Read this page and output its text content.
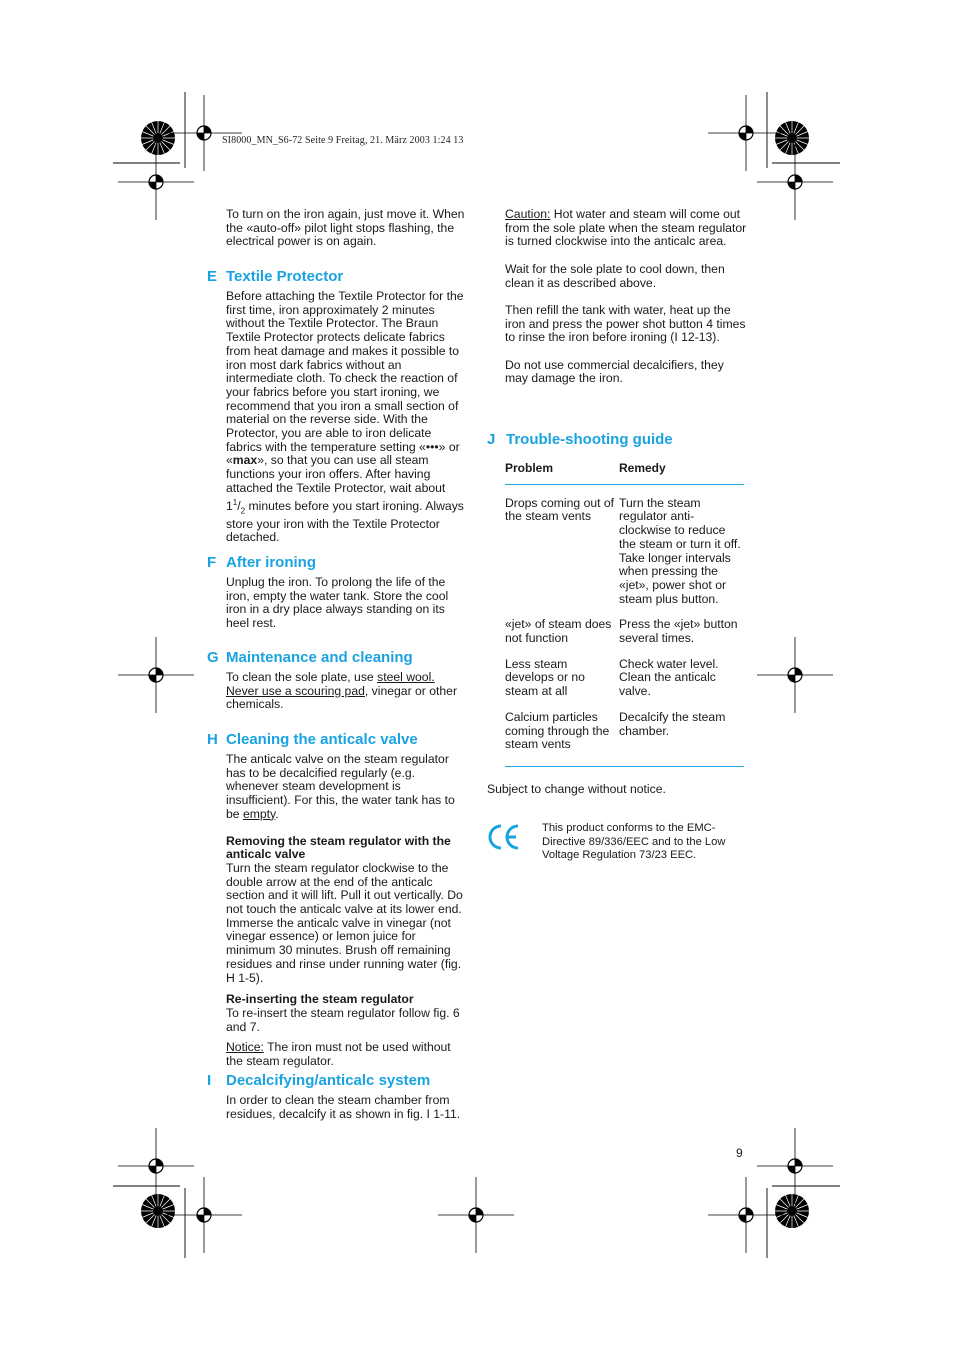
SI8000_MN_S6-72 Seite 9 Freitag, 21. März 2003 1:24 13

To turn on the iron again, just move it. When the «auto-off» pilot light stops flashing, the electrical power is on again.

E Textile Protector

Before attaching the Textile Protector for the first time, iron approximately 2 minutes without the Textile Protector. The Braun Textile Protector protects delicate fabrics from heat damage and makes it possible to iron most dark fabrics without an intermediate cloth. To check the reaction of your fabrics before you start ironing, we recommend that you iron a small section of material on the reverse side. With the Protector, you are able to iron delicate fabrics with the temperature setting «•••» or «max», so that you can use all steam functions your iron offers. After having attached the Textile Protector, wait about $1^1/_2$ minutes before you start ironing. Always store your iron with the Textile Protector detached.

F After ironing

Unplug the iron. To prolong the life of the iron, empty the water tank. Store the cool iron in a dry place always standing on its heel rest.

G Maintenance and cleaning

To clean the sole plate, use steel wool. Never use a scouring pad, vinegar or other chemicals.

H Cleaning the anticalc valve

The anticalc valve on the steam regulator has to be decalcified regularly (e.g. whenever steam development is insufficient). For this, the water tank has to be empty.

Removing the steam regulator with the anticalc valve

Turn the steam regulator clockwise to the double arrow at the end of the anticalc section and it will lift. Pull it out vertically. Do not touch the anticalc valve at its lower end. Immerse the anticalc valve in vinegar (not vinegar essence) or lemon juice for minimum 30 minutes. Brush off remaining residues and rinse under running water (fig. H 1-5).

Re-inserting the steam regulator

To re-insert the steam regulator follow fig. 6 and 7.

Notice: The iron must not be used without the steam regulator.

I Decalcifying/anticalc system

In order to clean the steam chamber from residues, decalcify it as shown in fig. I 1-11.

Caution: Hot water and steam will come out from the sole plate when the steam regulator is turned clockwise into the anticalc area.

Wait for the sole plate to cool down, then clean it as described above.

Then refill the tank with water, heat up the iron and press the power shot button 4 times to rinse the iron before ironing (I 12-13).

Do not use commercial decalcifiers, they may damage the iron.

J Trouble-shooting guide
Problem	Remedy

Drops coming out of the steam vents	Turn the steam regulator anti-clockwise to reduce the steam or turn it off. Take longer intervals when pressing the «jet», power shot or steam plus button.

«jet» of steam does not function	Press the «jet» button several times.

Less steam develops or no steam at all	Check water level. Clean the anticalc valve.

Calcium particles coming through the steam vents	Decalcify the steam chamber.

Subject to change without notice.

This product conforms to the EMC-Directive 89/336/EEC and to the Low Voltage Regulation 73/23 EEC.
9
